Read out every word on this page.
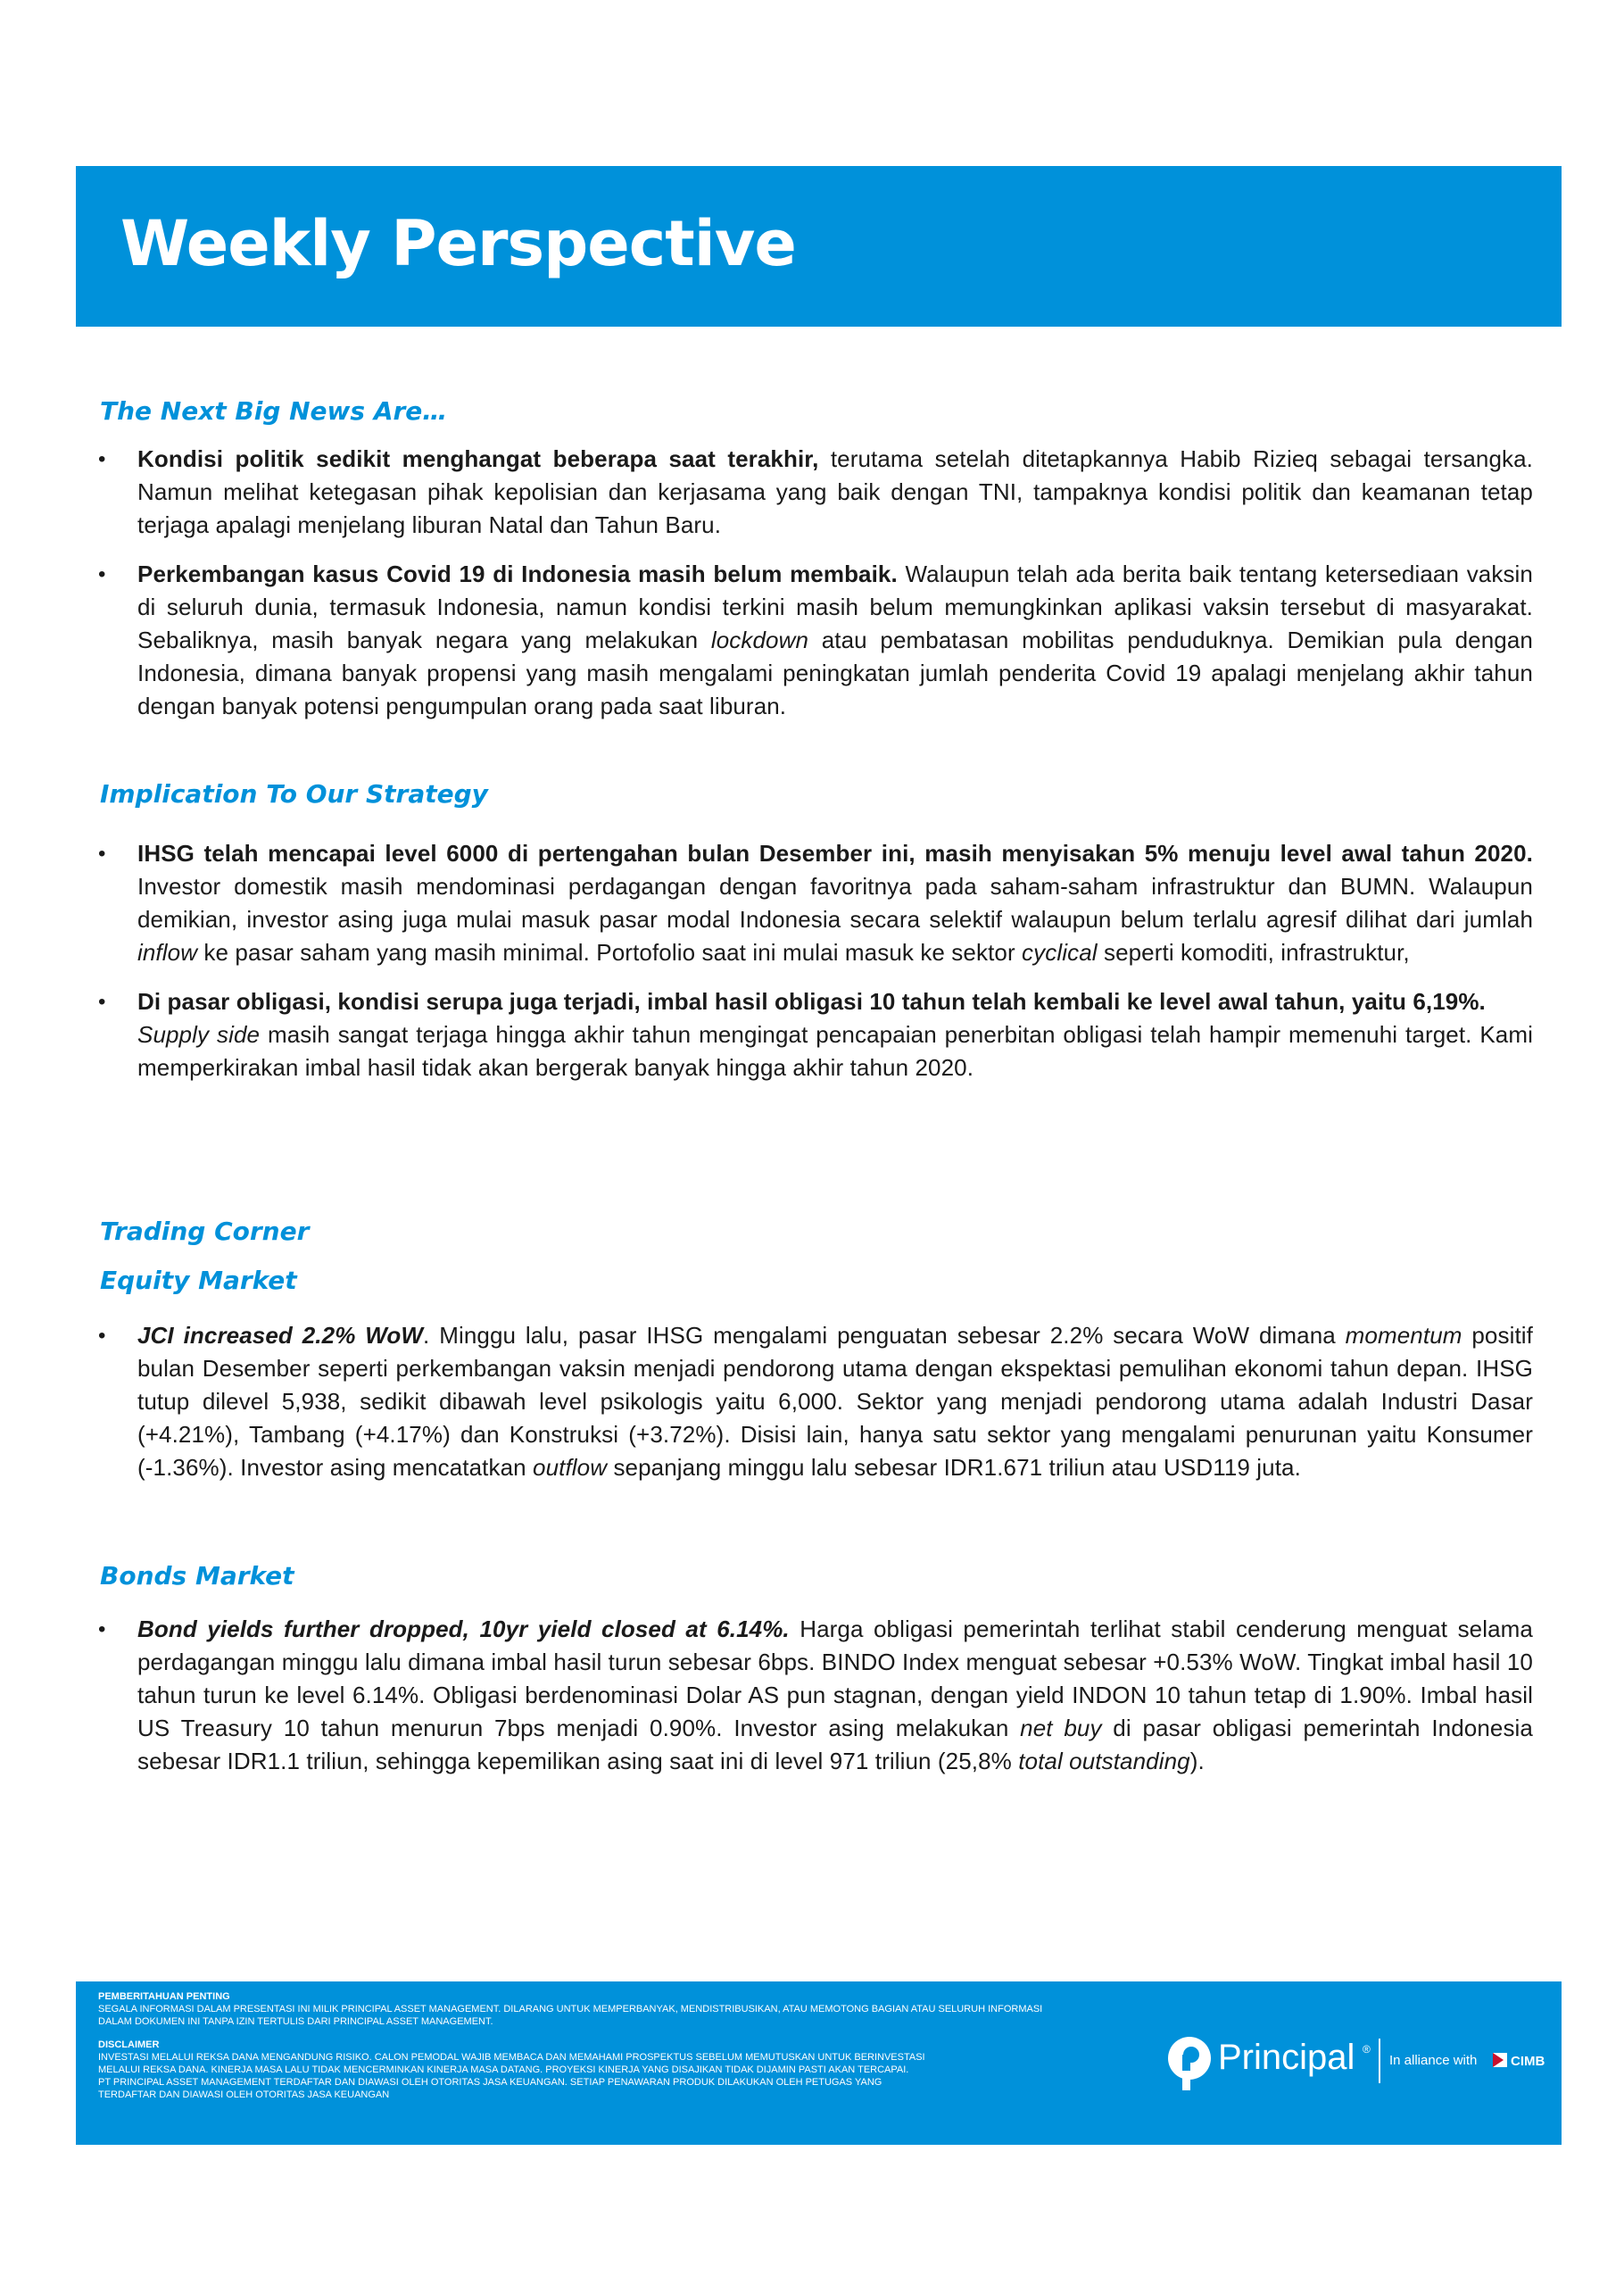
Weekly Perspective
The Next Big News Are…
• Kondisi politik sedikit menghangat beberapa saat terakhir, terutama setelah ditetapkannya Habib Rizieq sebagai tersangka. Namun melihat ketegasan pihak kepolisian dan kerjasama yang baik dengan TNI, tampaknya kondisi politik dan keamanan tetap terjaga apalagi menjelang liburan Natal dan Tahun Baru.

• Perkembangan kasus Covid 19 di Indonesia masih belum membaik. Walaupun telah ada berita baik tentang ketersediaan vaksin di seluruh dunia, termasuk Indonesia, namun kondisi terkini masih belum memungkinkan aplikasi vaksin tersebut di masyarakat. Sebaliknya, masih banyak negara yang melakukan lockdown atau pembatasan mobilitas penduduknya. Demikian pula dengan Indonesia, dimana banyak propensi yang masih mengalami peningkatan jumlah penderita Covid 19 apalagi menjelang akhir tahun dengan banyak potensi pengumpulan orang pada saat liburan.

Implication To Our Strategy
• IHSG telah mencapai level 6000 di pertengahan bulan Desember ini, masih menyisakan 5% menuju level awal tahun 2020. Investor domestik masih mendominasi perdagangan dengan favoritnya pada saham-saham infrastruktur dan BUMN. Walaupun demikian, investor asing juga mulai masuk pasar modal Indonesia secara selektif walaupun belum terlalu agresif dilihat dari jumlah inflow ke pasar saham yang masih minimal. Portofolio saat ini mulai masuk ke sektor cyclical seperti komoditi, infrastruktur,

• Di pasar obligasi, kondisi serupa juga terjadi, imbal hasil obligasi 10 tahun telah kembali ke level awal tahun, yaitu 6,19%.
Supply side masih sangat terjaga hingga akhir tahun mengingat pencapaian penerbitan obligasi telah hampir memenuhi target. Kami memperkirakan imbal hasil tidak akan bergerak banyak hingga akhir tahun 2020.

Trading Corner
Equity Market
• JCI increased 2.2% WoW. Minggu lalu, pasar IHSG mengalami penguatan sebesar 2.2% secara WoW dimana momentum positif bulan Desember seperti perkembangan vaksin menjadi pendorong utama dengan ekspektasi pemulihan ekonomi tahun depan. IHSG tutup dilevel 5,938, sedikit dibawah level psikologis yaitu 6,000. Sektor yang menjadi pendorong utama adalah Industri Dasar (+4.21%), Tambang (+4.17%) dan Konstruksi (+3.72%). Disisi lain, hanya satu sektor yang mengalami penurunan yaitu Konsumer (-1.36%). Investor asing mencatatkan outflow sepanjang minggu lalu sebesar IDR1.671 triliun atau USD119 juta.

Bonds Market
• Bond yields further dropped, 10yr yield closed at 6.14%. Harga obligasi pemerintah terlihat stabil cenderung menguat selama perdagangan minggu lalu dimana imbal hasil turun sebesar 6bps. BINDO Index menguat sebesar +0.53% WoW. Tingkat imbal hasil 10 tahun turun ke level 6.14%. Obligasi berdenominasi Dolar AS pun stagnan, dengan yield INDON 10 tahun tetap di 1.90%. Imbal hasil US Treasury 10 tahun menurun 7bps menjadi 0.90%. Investor asing melakukan net buy di pasar obligasi pemerintah Indonesia sebesar IDR1.1 triliun, sehingga kepemilikan asing saat ini di level 971 triliun (25,8% total outstanding).

PEMBERITAHUAN PENTING
SEGALA INFORMASI DALAM PRESENTASI INI MILIK PRINCIPAL ASSET MANAGEMENT. DILARANG UNTUK MEMPERBANYAK, MENDISTRIBUSIKAN, ATAU MEMOTONG BAGIAN ATAU SELURUH INFORMASI
DALAM DOKUMEN INI TANPA IZIN TERTULIS DARI PRINCIPAL ASSET MANAGEMENT.
DISCLAIMER
INVESTASI MELALUI REKSA DANA MENGANDUNG RISIKO. CALON PEMODAL WAJIB MEMBACA DAN MEMAHAMI PROSPEKTUS SEBELUM MEMUTUSKAN UNTUK BERINVESTASI
MELALUI REKSA DANA. KINERJA MASA LALU TIDAK MENCERMINKAN KINERJA MASA DATANG. PROYEKSI KINERJA YANG DISAJIKAN TIDAK DIJAMIN PASTI AKAN TERCAPAI.
PT PRINCIPAL ASSET MANAGEMENT TERDAFTAR DAN DIAWASI OLEH OTORITAS JASA KEUANGAN. SETIAP PENAWARAN PRODUK DILAKUKAN OLEH PETUGAS YANG
TERDAFTAR DAN DIAWASI OLEH OTORITAS JASA KEUANGAN
Principal ®
In alliance with	CIMB
